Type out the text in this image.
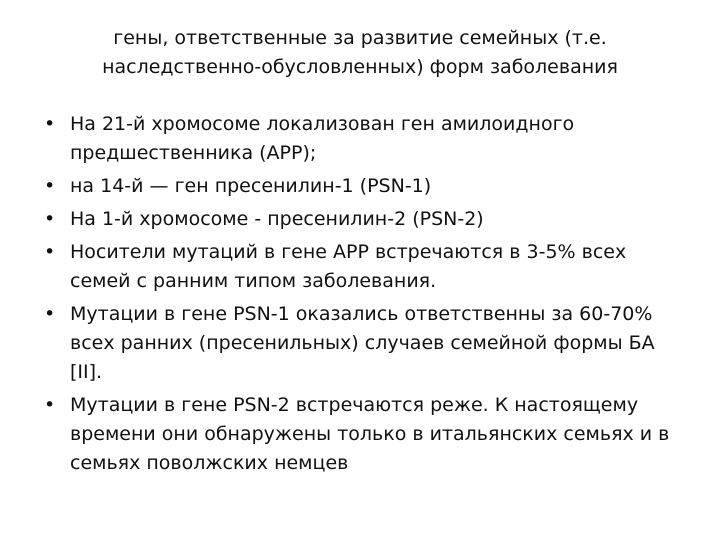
гены, ответственные за развитие семейных (т.е. наследственно-обусловленных) форм заболевания
• На 21-й хромосоме локализован ген амилоидного предшественника (APP);
• на 14-й — ген пресенилин-1 (PSN-1)
• На 1-й хромосоме - пресенилин-2 (PSN-2)
• Носители мутаций в гене APP встречаются в 3-5% всех семей с ранним типом заболевания.
• Мутации в гене PSN-1 оказались ответственны за 60-70% всех ранних (пресенильных) случаев семейной формы БА [II].
• Мутации в гене PSN-2 встречаются реже. К настоящему времени они обнаружены только в итальянских семьях и в семьях поволжских немцев
